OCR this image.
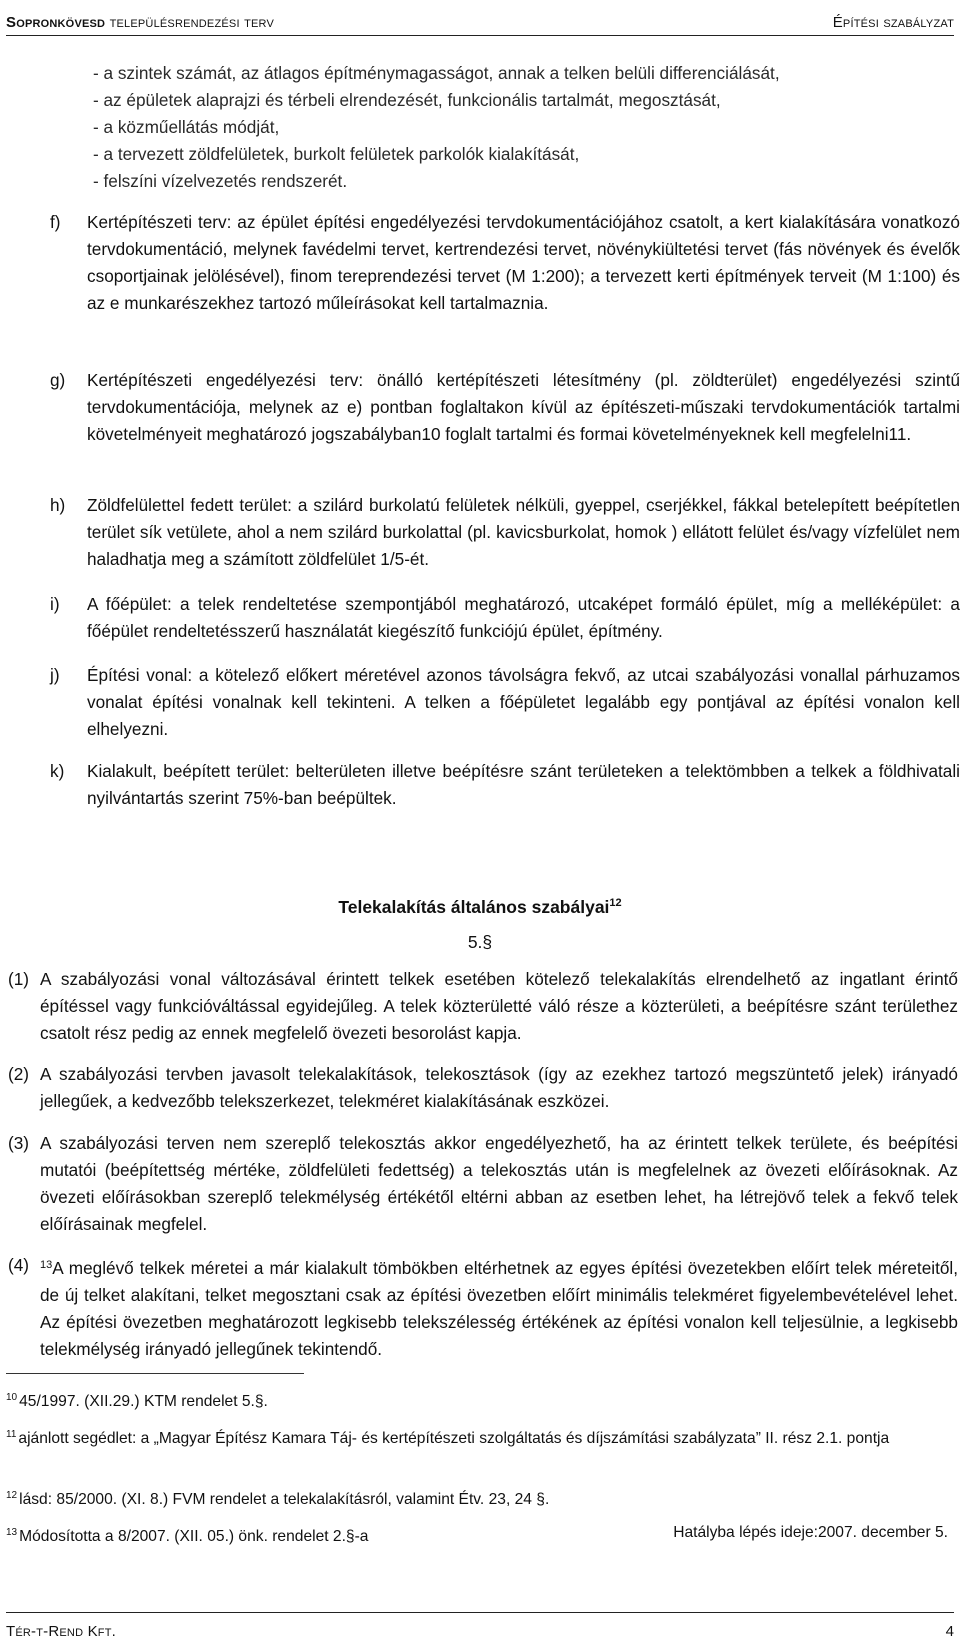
Sopronkövesd településrendezési terv	Építési szabályzat
- a szintek számát, az átlagos építménymagasságot, annak a telken belüli differenciálását,
- az épületek alaprajzi és térbeli elrendezését, funkcionális tartalmát, megosztását,
- a közműellátás módját,
- a tervezett zöldfelületek, burkolt felületek parkolók kialakítását,
- felszíni vízelvezetés rendszerét.
f) Kertépítészeti terv: az épület építési engedélyezési tervdokumentációjához csatolt, a kert kialakítására vonatkozó tervdokumentáció, melynek favédelmi tervet, kertrendezési tervet, növénykiültetési tervet (fás növények és évelők csoportjainak jelölésével), finom tereprendezési tervet (M 1:200); a tervezett kerti építmények terveit (M 1:100) és az e munkarészekhez tartozó műleírásokat kell tartalmaznia.
g) Kertépítészeti engedélyezési terv: önálló kertépítészeti létesítmény (pl. zöldterület) engedélyezési szintű tervdokumentációja, melynek az e) pontban foglaltakon kívül az építészeti-műszaki tervdokumentációk tartalmi követelményeit meghatározó jogszabályban10 foglalt tartalmi és formai követelményeknek kell megfelelni11.
h) Zöldfelülettel fedett terület: a szilárd burkolatú felületek nélküli, gyeppel, cserjékkel, fákkal betelepített beépítetlen terület sík vetülete, ahol a nem szilárd burkolattal (pl. kavicsburkolat, homok ) ellátott felület és/vagy vízfelület nem haladhatja meg a számított zöldfelület 1/5-ét.
i) A főépület: a telek rendeltetése szempontjából meghatározó, utcaképet formáló épület, míg a melléképület: a főépület rendeltetésszerű használatát kiegészítő funkciójú épület, építmény.
j) Építési vonal: a kötelező előkert méretével azonos távolságra fekvő, az utcai szabályozási vonallal párhuzamos vonalat építési vonalnak kell tekinteni. A telken a főépületet legalább egy pontjával az építési vonalon kell elhelyezni.
k) Kialakult, beépített terület: belterületen illetve beépítésre szánt területeken a telektömbben a telkek a földhivatali nyilvántartás szerint 75%-ban beépültek.
Telekalakítás általános szabályai$^{12}$
5.§
(1) A szabályozási vonal változásával érintett telkek esetében kötelező telekalakítás elrendelhető az ingatlant érintő építéssel vagy funkcióváltással egyidejűleg. A telek közterületté váló része a közterületi, a beépítésre szánt területhez csatolt rész pedig az ennek megfelelő övezeti besorolást kapja.
(2) A szabályozási tervben javasolt telekalakítások, telekosztások (így az ezekhez tartozó megszüntető jelek) irányadó jellegűek, a kedvezőbb telekszerkezet, telekméret kialakításának eszközei.
(3) A szabályozási terven nem szereplő telekosztás akkor engedélyezhető, ha az érintett telkek területe, és beépítési mutatói (beépítettség mértéke, zöldfelületi fedettség) a telekosztás után is megfelelnek az övezeti előírásoknak. Az övezeti előírásokban szereplő telekmélység értékétől eltérni abban az esetben lehet, ha létrejövő telek a fekvő telek előírásainak megfelel.
(4) $^{13}$A meglévő telkek méretei a már kialakult tömbökben eltérhetnek az egyes építési övezetekben előírt telek méreteitől, de új telket alakítani, telket megosztani csak az építési övezetben előírt minimális telekméret figyelembevételével lehet. Az építési övezetben meghatározott legkisebb telekszélesség értékének az építési vonalon kell teljesülnie, a legkisebb telekmélység irányadó jellegűnek tekintendő.
$^{10}$ 45/1997. (XII.29.) KTM rendelet 5.§.
$^{11}$ ajánlott segédlet: a „Magyar Építész Kamara Táj- és kertépítészeti szolgáltatás és díjszámítási szabályzata” II. rész 2.1. pontja
$^{12}$ lásd: 85/2000. (XI. 8.) FVM rendelet a telekalakításról, valamint Étv. 23, 24 §.
$^{13}$ Módosította a 8/2007. (XII. 05.) önk. rendelet 2.§-a	Hatályba lépés ideje:2007. december 5.
Tér-t-Rend Kft.	4
